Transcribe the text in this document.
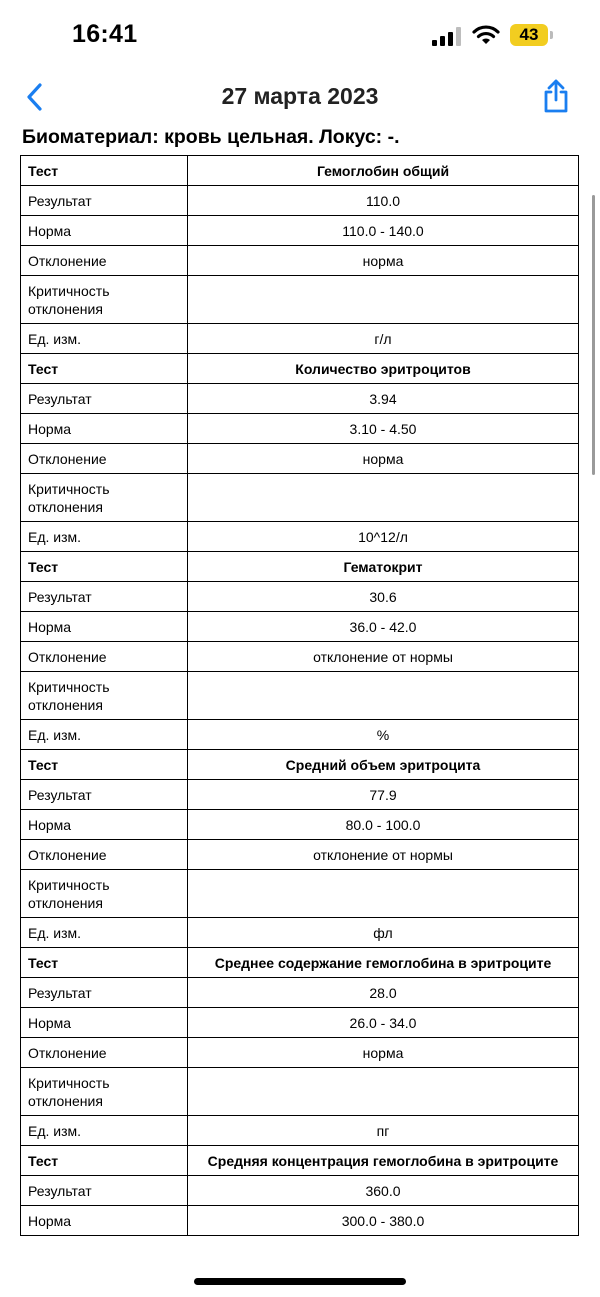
16:41	43
27 марта 2023
Биоматериал: кровь цельная. Локус: -.
Тест	Гемоглобин общий
Результат	110.0
Норма	110.0 - 140.0
Отклонение	норма
Критичность отклонения	
Ед. изм.	г/л
Тест	Количество эритроцитов
Результат	3.94
Норма	3.10 - 4.50
Отклонение	норма
Критичность отклонения	
Ед. изм.	10^12/л
Тест	Гематокрит
Результат	30.6
Норма	36.0 - 42.0
Отклонение	отклонение от нормы
Критичность отклонения	
Ед. изм.	%
Тест	Средний объем эритроцита
Результат	77.9
Норма	80.0 - 100.0
Отклонение	отклонение от нормы
Критичность отклонения	
Ед. изм.	фл
Тест	Среднее содержание гемоглобина в эритроците
Результат	28.0
Норма	26.0 - 34.0
Отклонение	норма
Критичность отклонения	
Ед. изм.	пг
Тест	Средняя концентрация гемоглобина в эритроците
Результат	360.0
Норма	300.0 - 380.0
